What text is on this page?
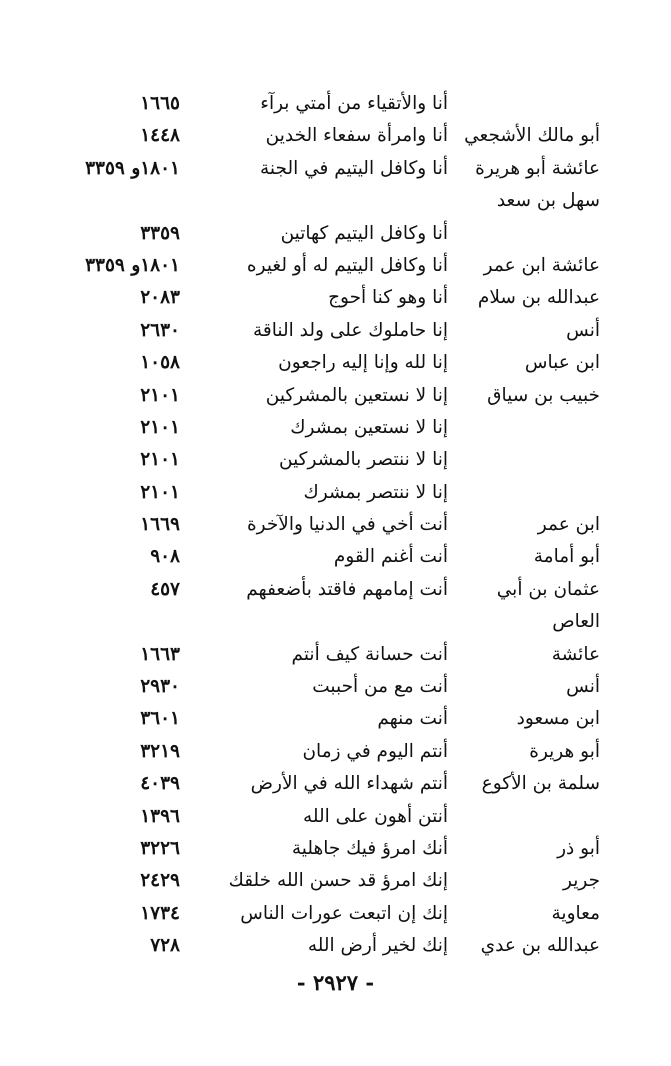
أنا والأتقياء من أمتي برآء
١٦٦٥
أبو مالك الأشجعي
أنا وامرأة سفعاء الخدين
١٤٤٨
عائشة أبو هريرة
أنا وكافل اليتيم في الجنة
١٨٠١و ٣٣٥٩
سهل بن سعد
أنا وكافل اليتيم كهاتين
٣٣٥٩
عائشة ابن عمر
أنا وكافل اليتيم له أو لغيره
١٨٠١و ٣٣٥٩
عبدالله بن سلام
أنا وهو كنا أحوج
٢٠٨٣
أنس
إنا حاملوك على ولد الناقة
٢٦٣٠
ابن عباس
إنا لله وإنا إليه راجعون
١٠٥٨
خبيب بن سياق
إنا لا نستعين بالمشركين
٢١٠١
إنا لا نستعين بمشرك
٢١٠١
إنا لا ننتصر بالمشركين
٢١٠١
إنا لا ننتصر بمشرك
٢١٠١
ابن عمر
أنت أخي في الدنيا والآخرة
١٦٦٩
أبو أمامة
أنت أغنم القوم
٩٠٨
عثمان بن أبي
أنت إمامهم فاقتد بأضعفهم
٤٥٧
العاص
عائشة
أنت حسانة كيف أنتم
١٦٦٣
أنس
أنت مع من أحببت
٢٩٣٠
ابن مسعود
أنت منهم
٣٦٠١
أبو هريرة
أنتم اليوم في زمان
٣٢١٩
سلمة بن الأكوع
أنتم شهداء الله في الأرض
٤٠٣٩
أنتن أهون على الله
١٣٩٦
أبو ذر
أنك امرؤ فيك جاهلية
٣٢٢٦
جرير
إنك امرؤ قد حسن الله خلقك
٢٤٢٩
معاوية
إنك إن اتبعت عورات الناس
١٧٣٤
عبدالله بن عدي
إنك لخير أرض الله
٧٢٨
- ٢٩٢٧ -
